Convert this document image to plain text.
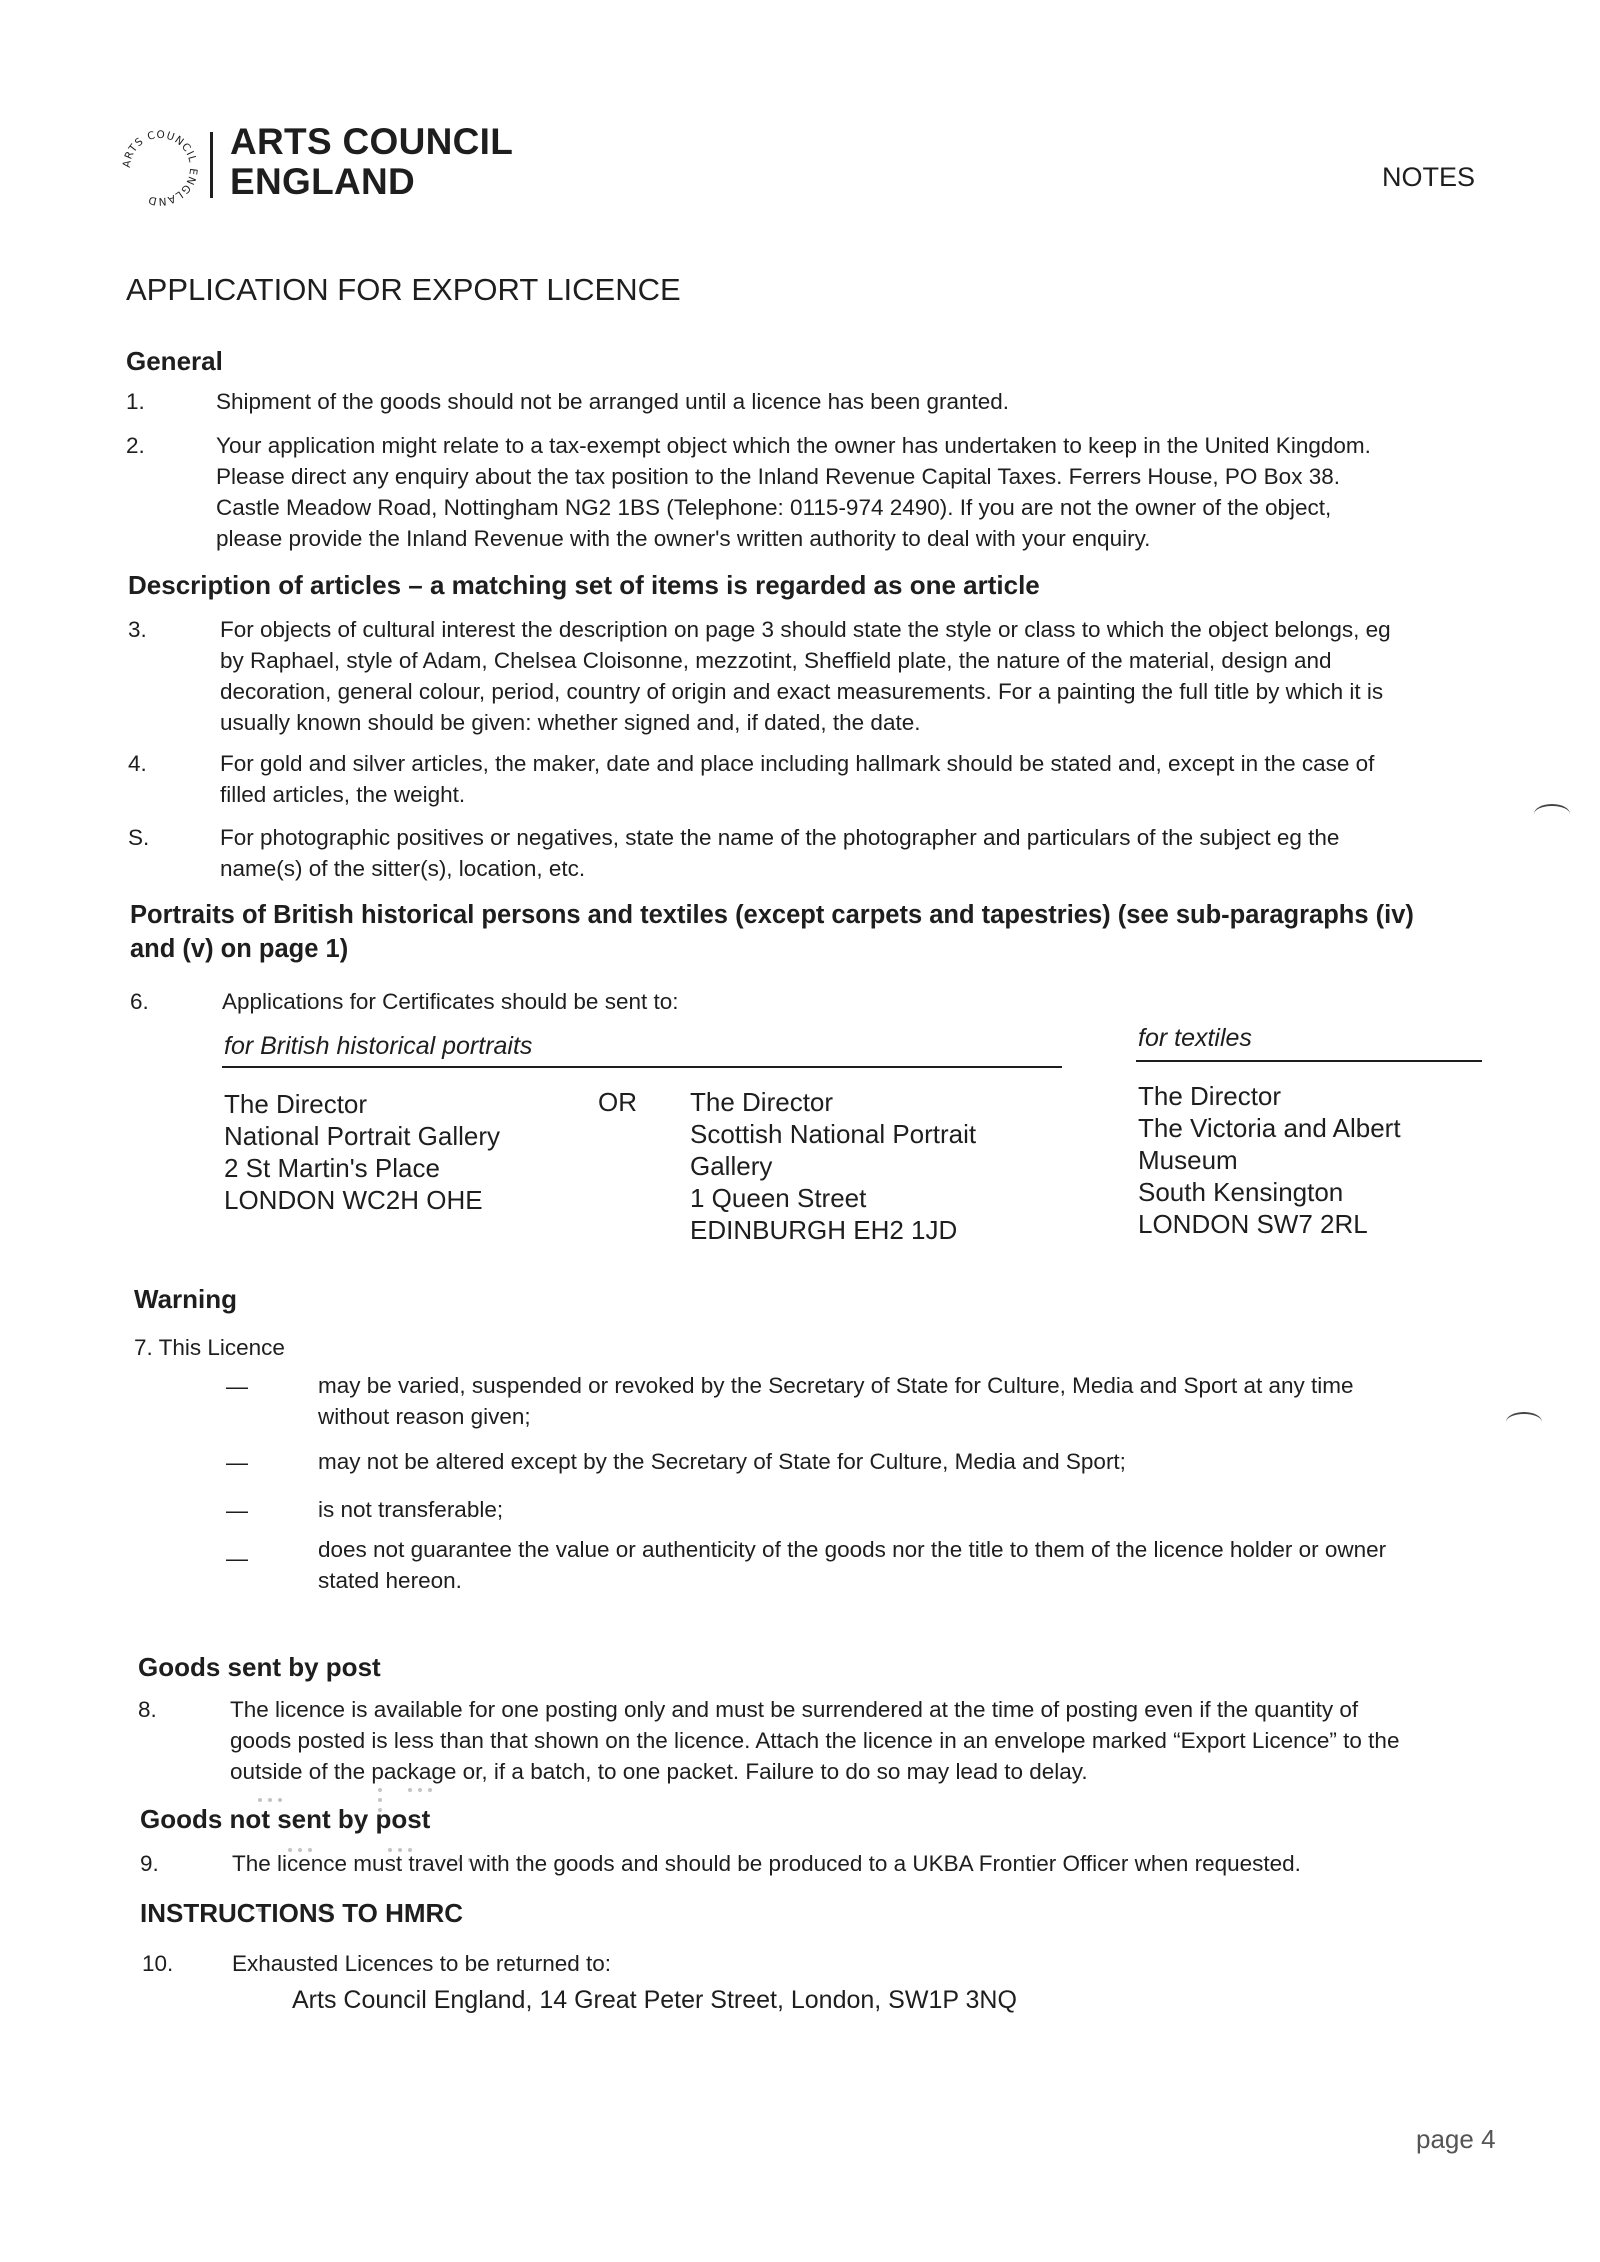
ARTS COUNCIL ENGLAND
ARTS COUNCIL
ENGLAND	NOTES
APPLICATION FOR EXPORT LICENCE
General
1.	Shipment of the goods should not be arranged until a licence has been granted.
2.	Your application might relate to a tax-exempt object which the owner has undertaken to keep in the United Kingdom.
Please direct any enquiry about the tax position to the Inland Revenue Capital Taxes. Ferrers House, PO Box 38.
Castle Meadow Road, Nottingham NG2 1BS (Telephone: 0115-974 2490). If you are not the owner of the object,
please provide the Inland Revenue with the owner's written authority to deal with your enquiry.
Description of articles – a matching set of items is regarded as one article
3.	For objects of cultural interest the description on page 3 should state the style or class to which the object belongs, eg
by Raphael, style of Adam, Chelsea Cloisonne, mezzotint, Sheffield plate, the nature of the material, design and
decoration, general colour, period, country of origin and exact measurements. For a painting the full title by which it is
usually known should be given: whether signed and, if dated, the date.
4.	For gold and silver articles, the maker, date and place including hallmark should be stated and, except in the case of
filled articles, the weight.
S.	For photographic positives or negatives, state the name of the photographer and particulars of the subject eg the
name(s) of the sitter(s), location, etc.
Portraits of British historical persons and textiles (except carpets and tapestries) (see sub-paragraphs (iv)
and (v) on page 1)
6.	Applications for Certificates should be sent to:
for British historical portraits	for textiles
The Director
National Portrait Gallery
2 St Martin's Place
LONDON WC2H OHE
OR The Director
Scottish National Portrait
Gallery
1 Queen Street
EDINBURGH EH2 1JD
The Director
The Victoria and Albert
Museum
South Kensington
LONDON SW7 2RL
Warning
7. This Licence
—	may be varied, suspended or revoked by the Secretary of State for Culture, Media and Sport at any time
without reason given;
—	may not be altered except by the Secretary of State for Culture, Media and Sport;
—	is not transferable;
—	does not guarantee the value or authenticity of the goods nor the title to them of the licence holder or owner
stated hereon.
Goods sent by post
8.	The licence is available for one posting only and must be surrendered at the time of posting even if the quantity of
goods posted is less than that shown on the licence. Attach the licence in an envelope marked “Export Licence” to the
outside of the package or, if a batch, to one packet. Failure to do so may lead to delay.
Goods not sent by post
9.	The licence must travel with the goods and should be produced to a UKBA Frontier Officer when requested.
INSTRUCTIONS TO HMRC
10.	Exhausted Licences to be returned to:
Arts Council England, 14 Great Peter Street, London, SW1P 3NQ
page 4
